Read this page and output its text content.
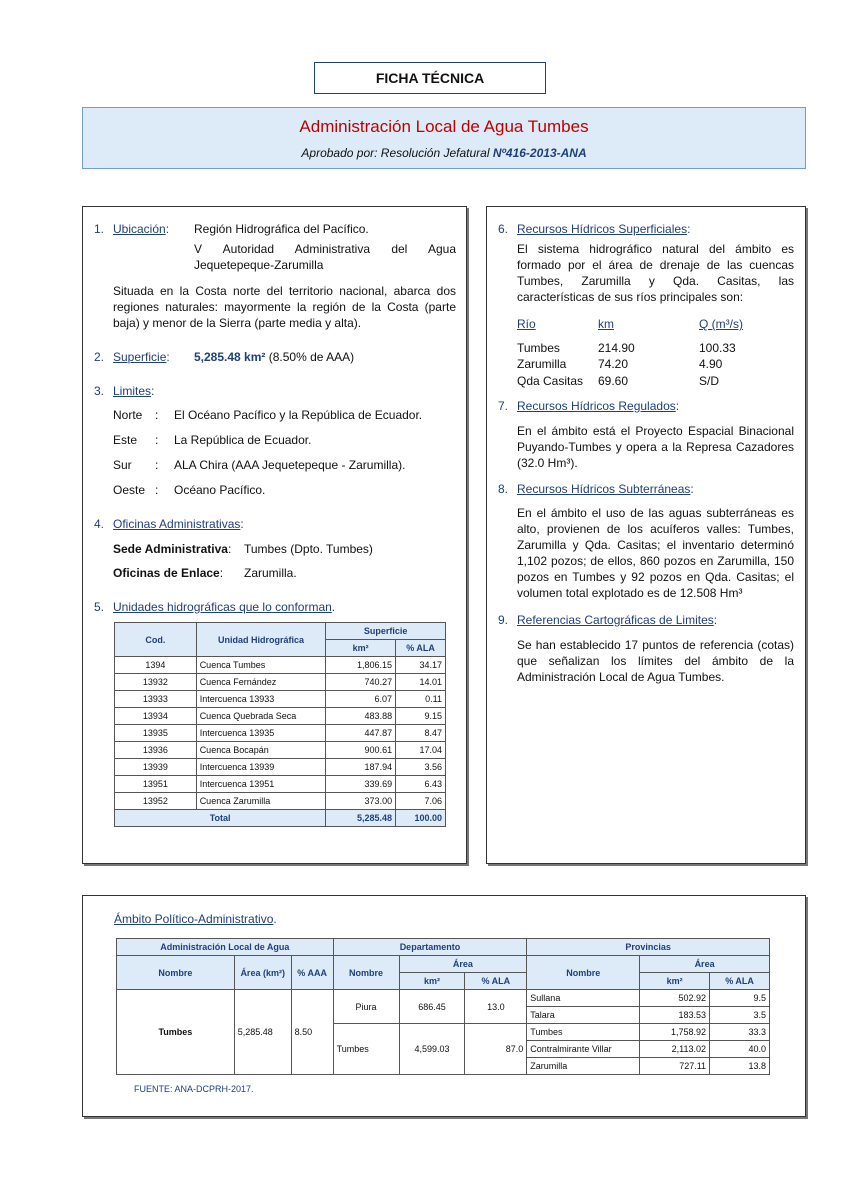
FICHA TÉCNICA
Administración Local de Agua Tumbes
Aprobado por: Resolución Jefatural Nº416-2013-ANA
1. Ubicación: Región Hidrográfica del Pacífico.
V Autoridad Administrativa del Agua Jequetepeque-Zarumilla
Situada en la Costa norte del territorio nacional, abarca dos regiones naturales: mayormente la región de la Costa (parte baja) y menor de la Sierra (parte media y alta).
2. Superficie: 5,285.48 km² (8.50% de AAA)
3. Limites:
Norte : El Océano Pacífico y la República de Ecuador.
Este : La República de Ecuador.
Sur : ALA Chira (AAA Jequetepeque - Zarumilla).
Oeste : Océano Pacífico.
4. Oficinas Administrativas:
Sede Administrativa: Tumbes (Dpto. Tumbes)
Oficinas de Enlace: Zarumilla.
5. Unidades hidrográficas que lo conforman.
Cod.	Unidad Hidrográfica	Superficie	
		km²	% ALA
1394	Cuenca Tumbes	1,806.15	34.17
13932	Cuenca Fernández	740.27	14.01
13933	Intercuenca 13933	6.07	0.11
13934	Cuenca Quebrada Seca	483.88	9.15
13935	Intercuenca 13935	447.87	8.47
13936	Cuenca Bocapán	900.61	17.04
13939	Intercuenca 13939	187.94	3.56
13951	Intercuenca 13951	339.69	6.43
13952	Cuenca Zarumilla	373.00	7.06
Total		5,285.48	100.00
6. Recursos Hídricos Superficiales:
El sistema hidrográfico natural del ámbito es formado por el área de drenaje de las cuencas Tumbes, Zarumilla y Qda. Casitas, las características de sus ríos principales son:
Río	km	Q (m³/s)
Tumbes	214.90	100.33
Zarumilla	74.20	4.90
Qda Casitas 69.60	S/D
7. Recursos Hídricos Regulados:
En el ámbito está el Proyecto Espacial Binacional Puyando-Tumbes y opera a la Represa Cazadores (32.0 Hm³).
8. Recursos Hídricos Subterráneas:
En el ámbito el uso de las aguas subterráneas es alto, provienen de los acuíferos valles: Tumbes, Zarumilla y Qda. Casitas; el inventario determinó 1,102 pozos; de ellos, 860 pozos en Zarumilla, 150 pozos en Tumbes y 92 pozos en Qda. Casitas; el volumen total explotado es de 12.508 Hm³
9. Referencias Cartográficas de Limites:
Se han establecido 17 puntos de referencia (cotas) que señalizan los límites del ámbito de la Administración Local de Agua Tumbes.
Ámbito Político-Administrativo.
Administración Local de Agua			Departamento			Provincias		
Nombre	Área (km²)	% AAA	Nombre	Área		Nombre	Área	
				km²	% ALA		km²	% ALA
Tumbes	5,285.48	8.50	Piura	686.45	13.0	Sullana	502.92	9.5
						Talara	183.53	3.5
			Tumbes	4,599.03	87.0	Tumbes	1,758.92	33.3
						Contralmirante Villar	2,113.02	40.0
						Zarumilla	727.11	13.8
FUENTE: ANA-DCPRH-2017.
